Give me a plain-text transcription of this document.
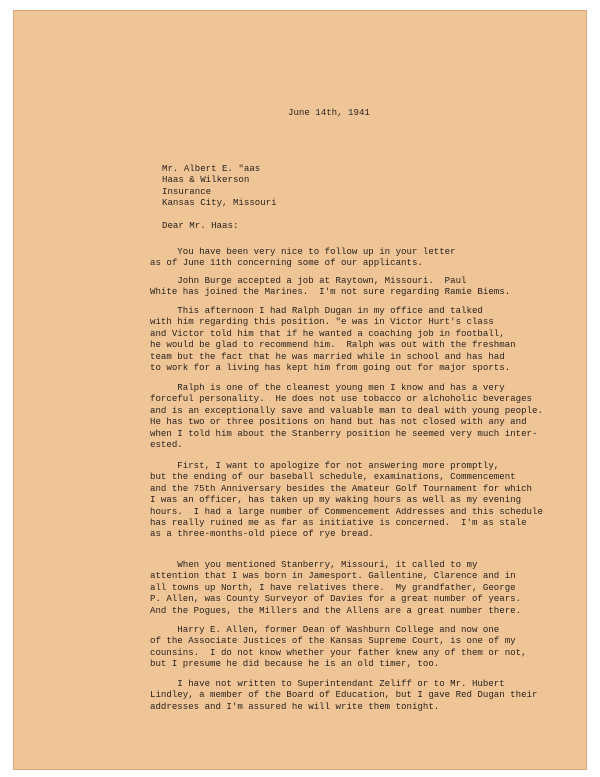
June 14th, 1941

Mr. Albert E. "aas
Haas & Wilkerson
Insurance
Kansas City, Missouri

Dear Mr. Haas:

You have been very nice to follow up in your letter
as of June 11th concerning some of our applicants.

John Burge accepted a job at Raytown, Missouri.  Paul
White has joined the Marines.  I'm not sure regarding Ramie Biems.

This afternoon I had Ralph Dugan in my office and talked
with him regarding this position. "e was in Victor Hurt's class
and Victor told him that if he wanted a coaching job in football,
he would be glad to recommend him.  Ralph was out with the freshman
team but the fact that he was married while in school and has had
to work for a living has kept him from going out for major sports.

Ralph is one of the cleanest young men I know and has a very
forceful personality.  He does not use tobacco or alchoholic beverages
and is an exceptionally save and valuable man to deal with young people.
He has two or three positions on hand but has not closed with any and
when I told him about the Stanberry position he seemed very much inter-
ested.

First, I want to apologize for not answering more promptly,
but the ending of our baseball schedule, examinations, Commencement
and the 75th Anniversary besides the Amateur Golf Tournament for which
I was an officer, has taken up my waking hours as well as my evening
hours.  I had a large number of Commencement Addresses and this schedule
has really ruined me as far as initiative is concerned.  I'm as stale
as a three-months-old piece of rye bread.

When you mentioned Stanberry, Missouri, it called to my
attention that I was born in Jamesport. Gallentine, Clarence and in
all towns up North, I have relatives there.  My grandfather, George
P. Allen, was County Surveyor of Davies for a great number of years.
And the Pogues, the Millers and the Allens are a great number there.

Harry E. Allen, former Dean of Washburn College and now one
of the Associate Justices of the Kansas Supreme Court, is one of my
counsins.  I do not know whether your father knew any of them or not,
but I presume he did because he is an old timer, too.

I have not written to Superintendant Zeliff or to Mr. Hubert
Lindley, a member of the Board of Education, but I gave Red Dugan their
addresses and I'm assured he will write them tonight.
